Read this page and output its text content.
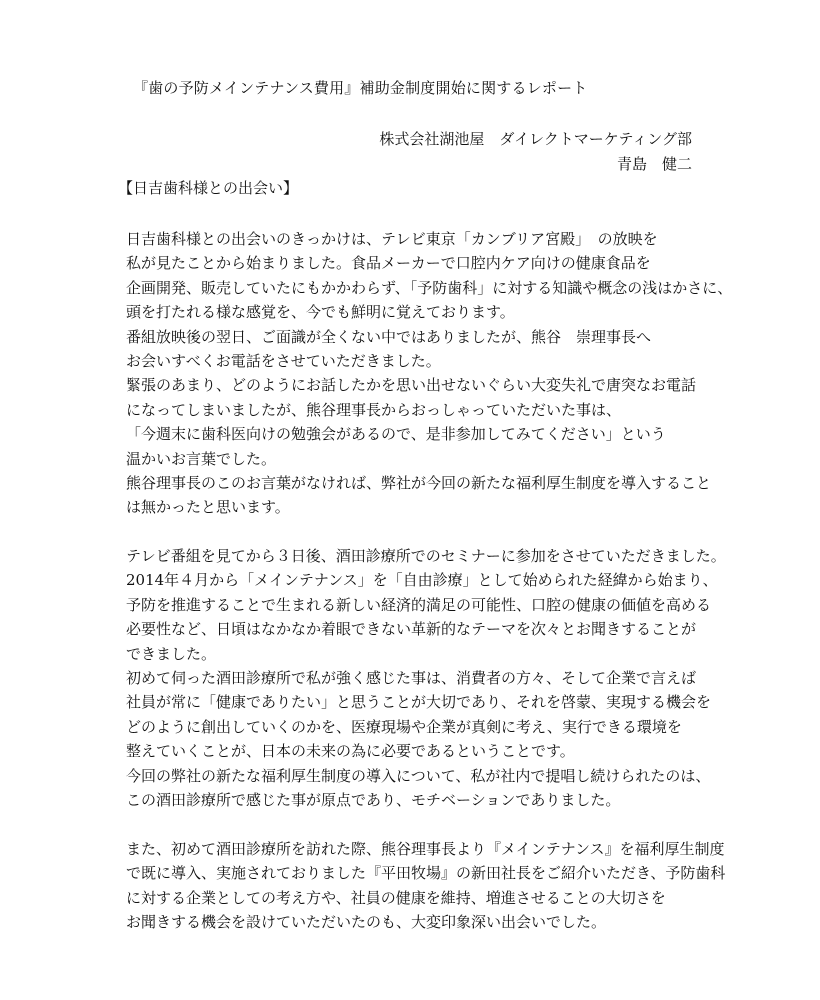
『歯の予防メインテナンス費用』補助金制度開始に関するレポート
株式会社湖池屋　ダイレクトマーケティング部
青島　健二
【日吉歯科様との出会い】
日吉歯科様との出会いのきっかけは、テレビ東京「カンブリア宮殿」　の放映を
私が見たことから始まりました。食品メーカーで口腔内ケア向けの健康食品を
企画開発、販売していたにもかかわらず、「予防歯科」に対する知識や概念の浅はかさに、
頭を打たれる様な感覚を、今でも鮮明に覚えております。
番組放映後の翌日、ご面識が全くない中ではありましたが、熊谷　崇理事長へ
お会いすべくお電話をさせていただきました。
緊張のあまり、どのようにお話したかを思い出せないぐらい大変失礼で唐突なお電話
になってしまいましたが、熊谷理事長からおっしゃっていただいた事は、
「今週末に歯科医向けの勉強会があるので、是非参加してみてください」という
温かいお言葉でした。
熊谷理事長のこのお言葉がなければ、弊社が今回の新たな福利厚生制度を導入すること
は無かったと思います。
テレビ番組を見てから３日後、酒田診療所でのセミナーに参加をさせていただきました。
2014年４月から「メインテナンス」を「自由診療」として始められた経緯から始まり、
予防を推進することで生まれる新しい経済的満足の可能性、口腔の健康の価値を高める
必要性など、日頃はなかなか着眼できない革新的なテーマを次々とお聞きすることが
できました。
初めて伺った酒田診療所で私が強く感じた事は、消費者の方々、そして企業で言えば
社員が常に「健康でありたい」と思うことが大切であり、それを啓蒙、実現する機会を
どのように創出していくのかを、医療現場や企業が真剣に考え、実行できる環境を
整えていくことが、日本の未来の為に必要であるということです。
今回の弊社の新たな福利厚生制度の導入について、私が社内で提唱し続けられたのは、
この酒田診療所で感じた事が原点であり、モチベーションでありました。
また、初めて酒田診療所を訪れた際、熊谷理事長より『メインテナンス』を福利厚生制度
で既に導入、実施されておりました『平田牧場』の新田社長をご紹介いただき、予防歯科
に対する企業としての考え方や、社員の健康を維持、増進させることの大切さを
お聞きする機会を設けていただいたのも、大変印象深い出会いでした。
